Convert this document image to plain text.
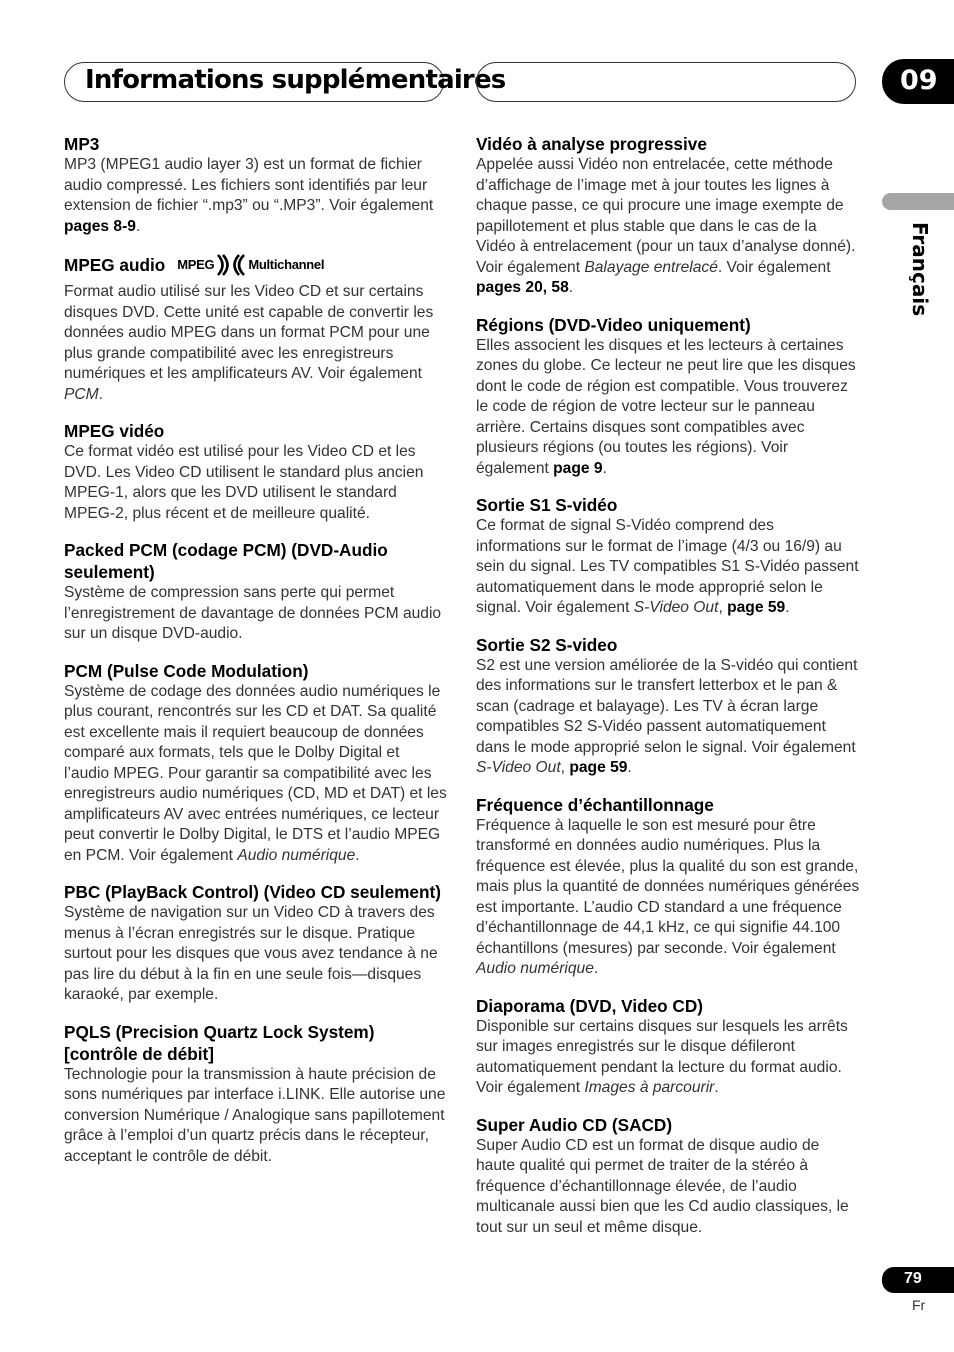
Informations supplémentaires	09
Français
MP3

MP3 (MPEG1 audio layer 3) est un format de fichier audio compressé. Les fichiers sont identifiés par leur extension de fichier “.mp3” ou “.MP3”. Voir également pages 8-9.

MPEG audio MPEG	Multichannel

Format audio utilisé sur les Video CD et sur certains disques DVD. Cette unité est capable de convertir les données audio MPEG dans un format PCM pour une plus grande compatibilité avec les enregistreurs numériques et les amplificateurs AV. Voir également PCM.

MPEG vidéo

Ce format vidéo est utilisé pour les Video CD et les DVD. Les Video CD utilisent le standard plus ancien MPEG-1, alors que les DVD utilisent le standard MPEG-2, plus récent et de meilleure qualité.

Packed PCM (codage PCM) (DVD-Audio seulement)

Système de compression sans perte qui permet l’enregistrement de davantage de données PCM audio sur un disque DVD-audio.

PCM (Pulse Code Modulation)

Système de codage des données audio numériques le plus courant, rencontrés sur les CD et DAT. Sa qualité est excellente mais il requiert beaucoup de données comparé aux formats, tels que le Dolby Digital et l’audio MPEG. Pour garantir sa compatibilité avec les enregistreurs audio numériques (CD, MD et DAT) et les amplificateurs AV avec entrées numériques, ce lecteur peut convertir le Dolby Digital, le DTS et l’audio MPEG en PCM. Voir également Audio numérique.

PBC (PlayBack Control) (Video CD seulement)

Système de navigation sur un Video CD à travers des menus à l’écran enregistrés sur le disque. Pratique surtout pour les disques que vous avez tendance à ne pas lire du début à la fin en une seule fois—disques karaoké, par exemple.

PQLS (Precision Quartz Lock System) [contrôle de débit]

Technologie pour la transmission à haute précision de sons numériques par interface i.LINK. Elle autorise une conversion Numérique / Analogique sans papillotement grâce à l’emploi d’un quartz précis dans le récepteur, acceptant le contrôle de débit.

Vidéo à analyse progressive

Appelée aussi Vidéo non entrelacée, cette méthode d’affichage de l’image met à jour toutes les lignes à chaque passe, ce qui procure une image exempte de papillotement et plus stable que dans le cas de la Vidéo à entrelacement (pour un taux d’analyse donné). Voir également Balayage entrelacé. Voir également pages 20, 58.

Régions (DVD-Video uniquement)

Elles associent les disques et les lecteurs à certaines zones du globe. Ce lecteur ne peut lire que les disques dont le code de région est compatible. Vous trouverez le code de région de votre lecteur sur le panneau arrière. Certains disques sont compatibles avec plusieurs régions (ou toutes les régions). Voir également page 9.

Sortie S1 S-vidéo

Ce format de signal S-Vidéo comprend des informations sur le format de l’image (4/3 ou 16/9) au sein du signal. Les TV compatibles S1 S-Vidéo passent automatiquement dans le mode approprié selon le signal. Voir également S-Video Out, page 59.

Sortie S2 S-video

S2 est une version améliorée de la S-vidéo qui contient des informations sur le transfert letterbox et le pan & scan (cadrage et balayage). Les TV à écran large compatibles S2 S-Vidéo passent automatiquement dans le mode approprié selon le signal. Voir également S-Video Out, page 59.

Fréquence d’échantillonnage

Fréquence à laquelle le son est mesuré pour être transformé en données audio numériques. Plus la fréquence est élevée, plus la qualité du son est grande, mais plus la quantité de données numériques générées est importante. L’audio CD standard a une fréquence d’échantillonnage de 44,1 kHz, ce qui signifie 44.100 échantillons (mesures) par seconde. Voir également Audio numérique.

Diaporama (DVD, Video CD)

Disponible sur certains disques sur lesquels les arrêts sur images enregistrés sur le disque défileront automatiquement pendant la lecture du format audio. Voir également Images à parcourir.

Super Audio CD (SACD)

Super Audio CD est un format de disque audio de haute qualité qui permet de traiter de la stéréo à fréquence d’échantillonnage élevée, de l’audio multicanale aussi bien que les Cd audio classiques, le tout sur un seul et même disque.

79
Fr
